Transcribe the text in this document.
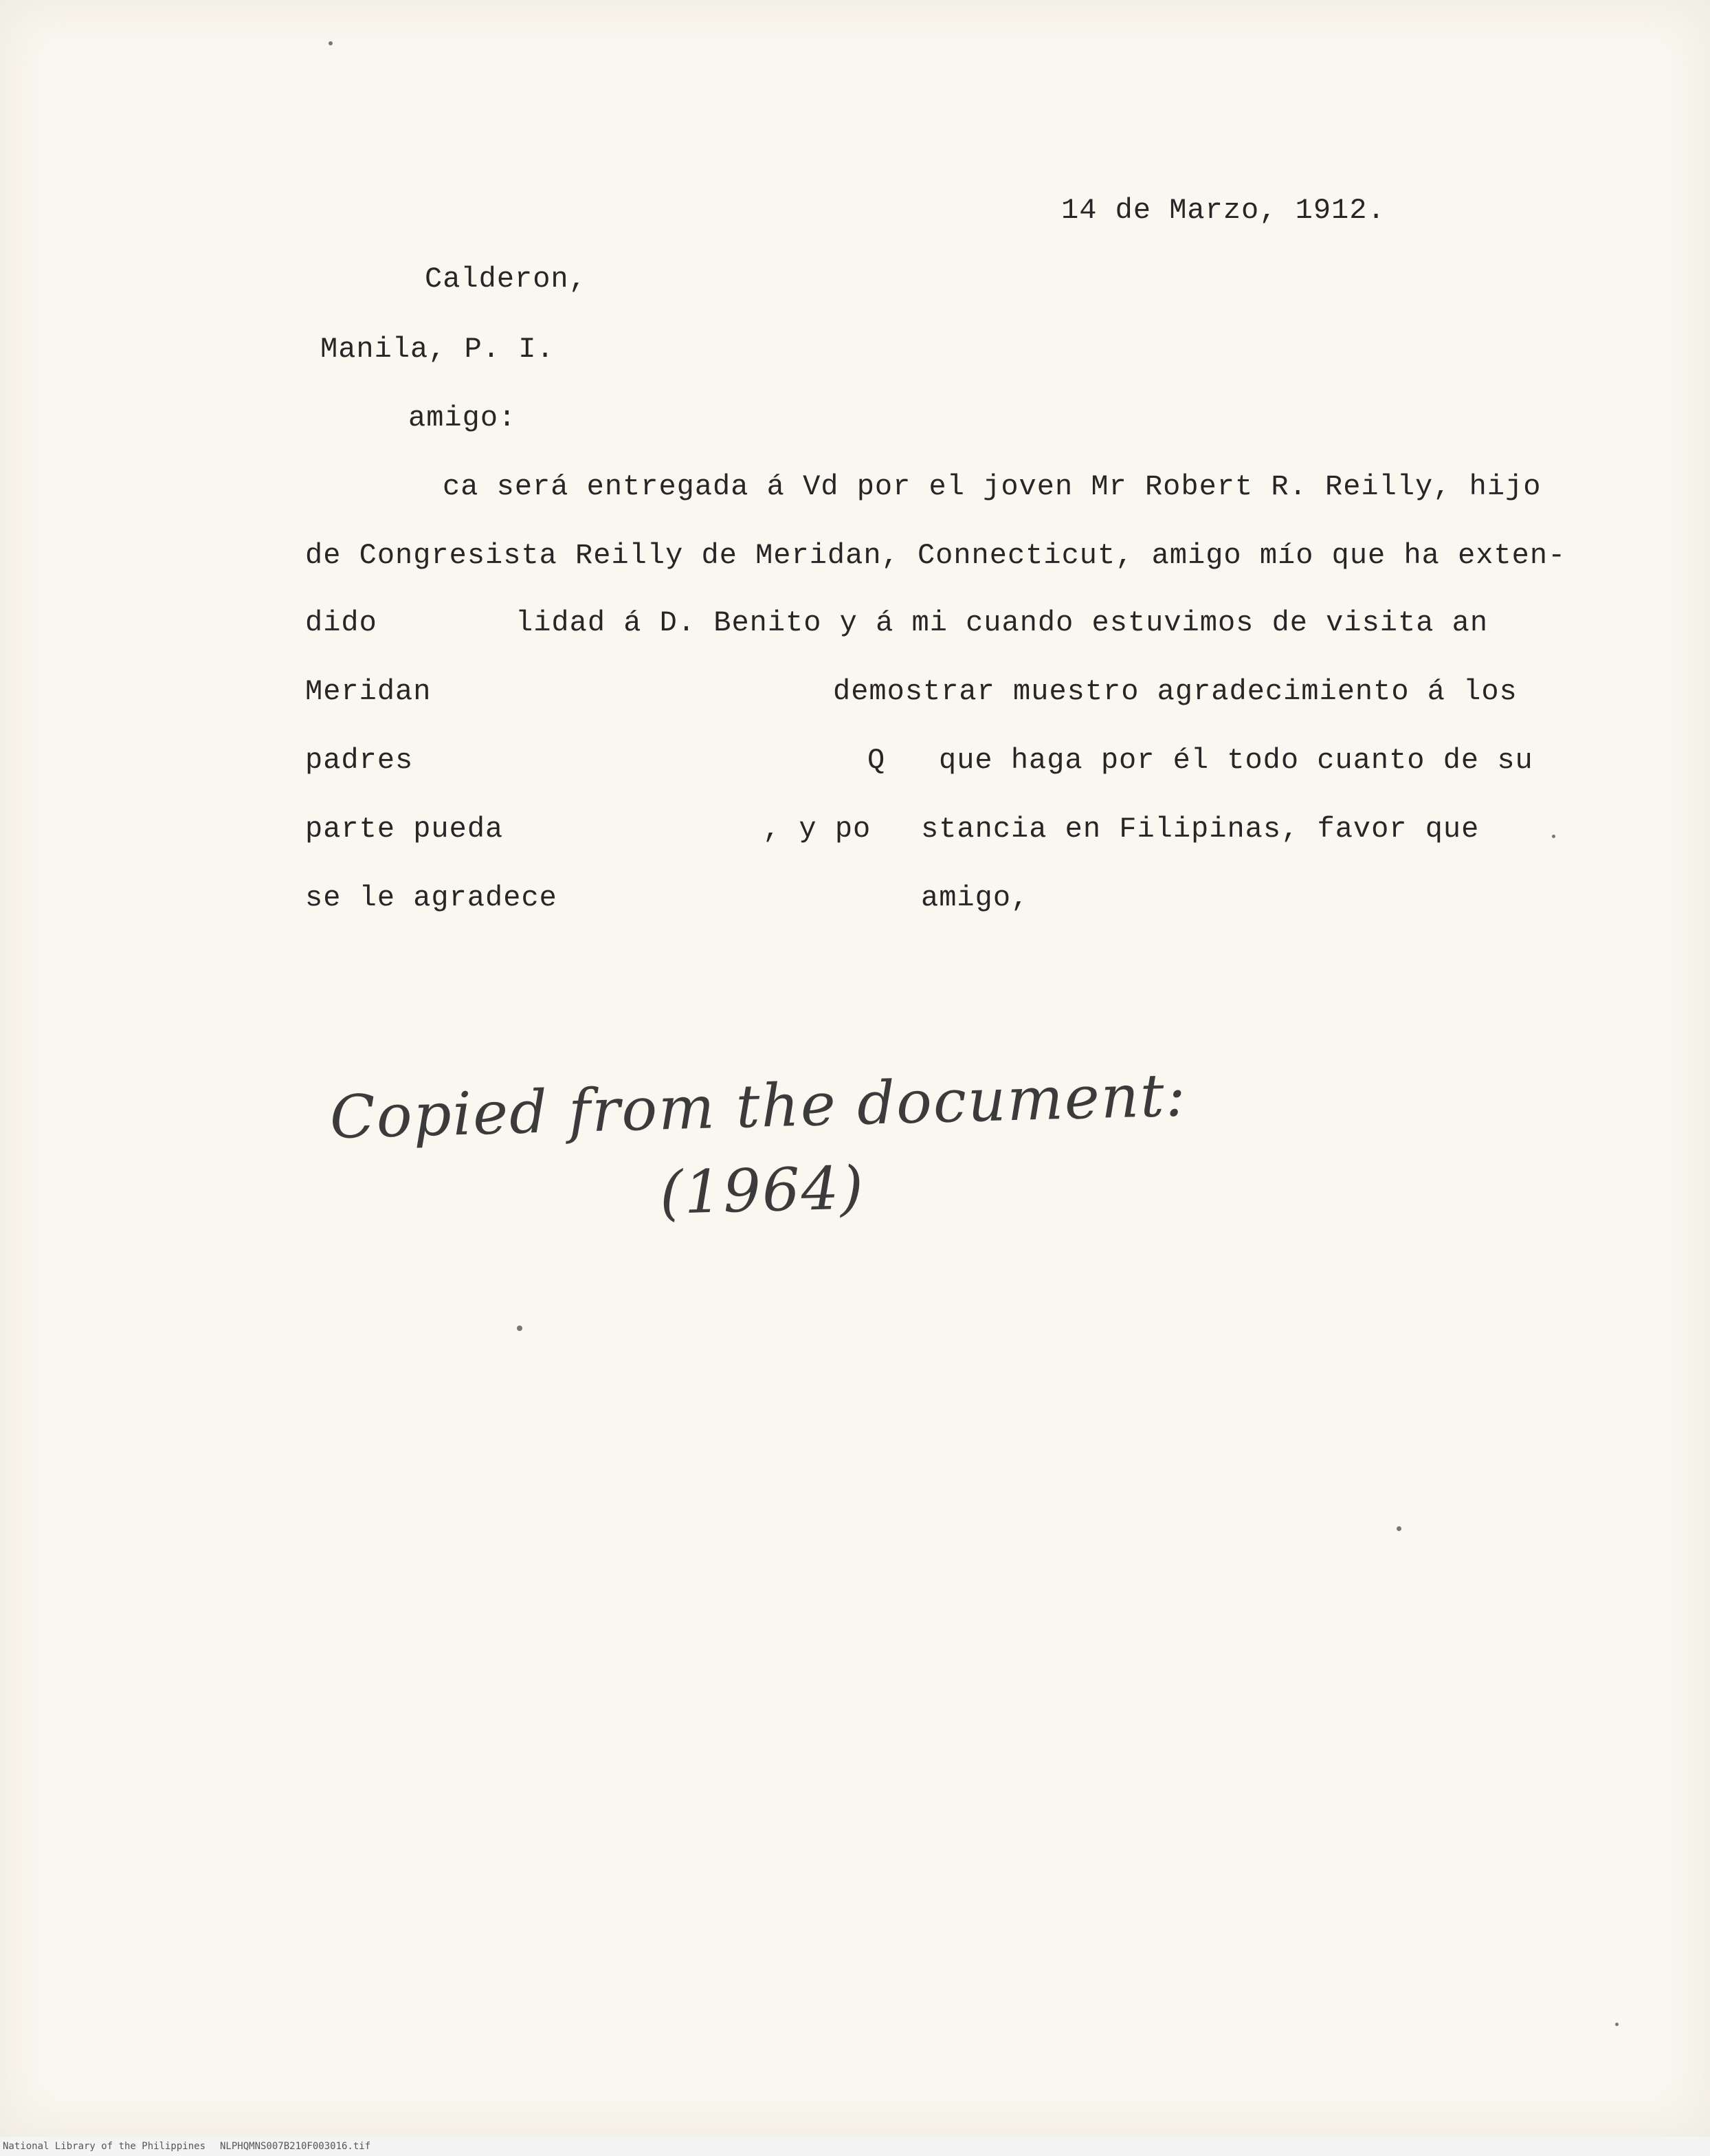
14 de Marzo, 1912.
Calderon,
Manila, P. I.
amigo:
ca será entregada á Vd por el joven Mr Robert R. Reilly, hijo
de Congresista Reilly de Meridan, Connecticut, amigo mío que ha exten-
dido	lidad á D. Benito y á mi cuando estuvimos de visita an
Meridan	demostrar muestro agradecimiento á los
padres	Q que haga por él todo cuanto de su
parte pueda	, y po stancia en Filipinas, favor que
se le agradece	amigo,
Copied from the document:
(1964)
National Library of the Philippines NLPHQMNS007B210F003016.tif
